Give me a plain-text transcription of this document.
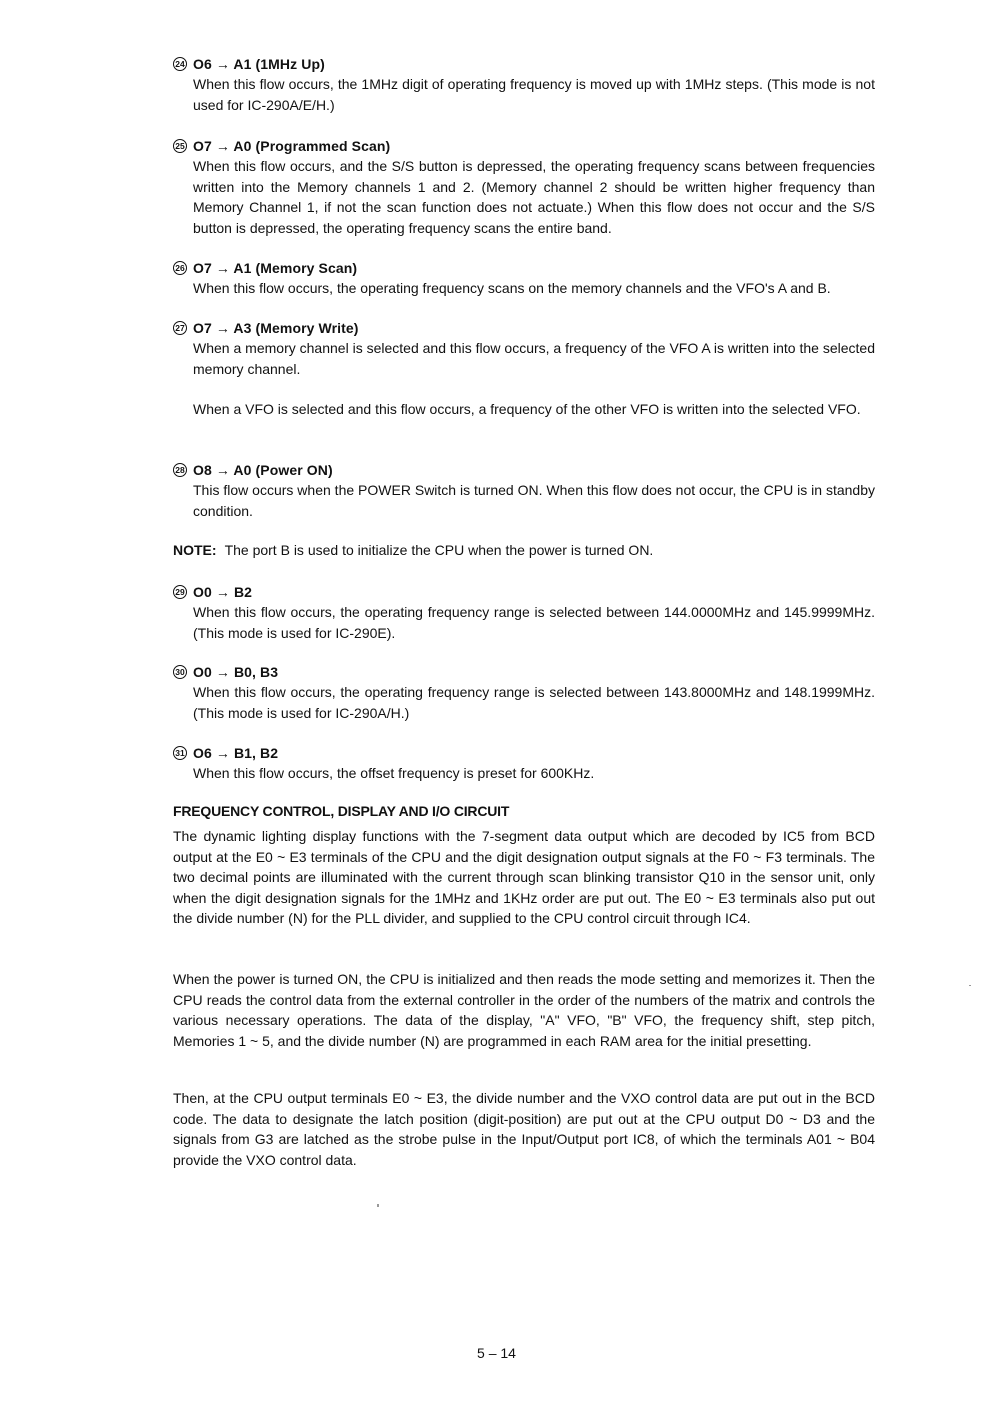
24 O6 → A1 (1MHz Up)
When this flow occurs, the 1MHz digit of operating frequency is moved up with 1MHz steps. (This mode is not used for IC-290A/E/H.)
25 O7 → A0 (Programmed Scan)
When this flow occurs, and the S/S button is depressed, the operating frequency scans between frequencies written into the Memory channels 1 and 2. (Memory channel 2 should be written higher frequency than Memory Channel 1, if not the scan function does not actuate.) When this flow does not occur and the S/S button is depressed, the operating frequency scans the entire band.
26 O7 → A1 (Memory Scan)
When this flow occurs, the operating frequency scans on the memory channels and the VFO's A and B.
27 O7 → A3 (Memory Write)
When a memory channel is selected and this flow occurs, a frequency of the VFO A is written into the selected memory channel.
When a VFO is selected and this flow occurs, a frequency of the other VFO is written into the selected VFO.
28 O8 → A0 (Power ON)
This flow occurs when the POWER Switch is turned ON. When this flow does not occur, the CPU is in standby condition.
NOTE: The port B is used to initialize the CPU when the power is turned ON.
29 O0 → B2
When this flow occurs, the operating frequency range is selected between 144.0000MHz and 145.9999MHz. (This mode is used for IC-290E).
30 O0 → B0, B3
When this flow occurs, the operating frequency range is selected between 143.8000MHz and 148.1999MHz. (This mode is used for IC-290A/H.)
31 O6 → B1, B2
When this flow occurs, the offset frequency is preset for 600KHz.
FREQUENCY CONTROL, DISPLAY AND I/O CIRCUIT
The dynamic lighting display functions with the 7-segment data output which are decoded by IC5 from BCD output at the E0 ~ E3 terminals of the CPU and the digit designation output signals at the F0 ~ F3 terminals. The two decimal points are illuminated with the current through scan blinking transistor Q10 in the sensor unit, only when the digit designation signals for the 1MHz and 1KHz order are put out. The E0 ~ E3 terminals also put out the divide number (N) for the PLL divider, and supplied to the CPU control circuit through IC4.
When the power is turned ON, the CPU is initialized and then reads the mode setting and memorizes it. Then the CPU reads the control data from the external controller in the order of the numbers of the matrix and controls the various necessary operations. The data of the display, "A" VFO, "B" VFO, the frequency shift, step pitch, Memories 1 ~ 5, and the divide number (N) are programmed in each RAM area for the initial presetting.
Then, at the CPU output terminals E0 ~ E3, the divide number and the VXO control data are put out in the BCD code. The data to designate the latch position (digit-position) are put out at the CPU output D0 ~ D3 and the signals from G3 are latched as the strobe pulse in the Input/Output port IC8, of which the terminals A01 ~ B04 provide the VXO control data.
5 – 14
